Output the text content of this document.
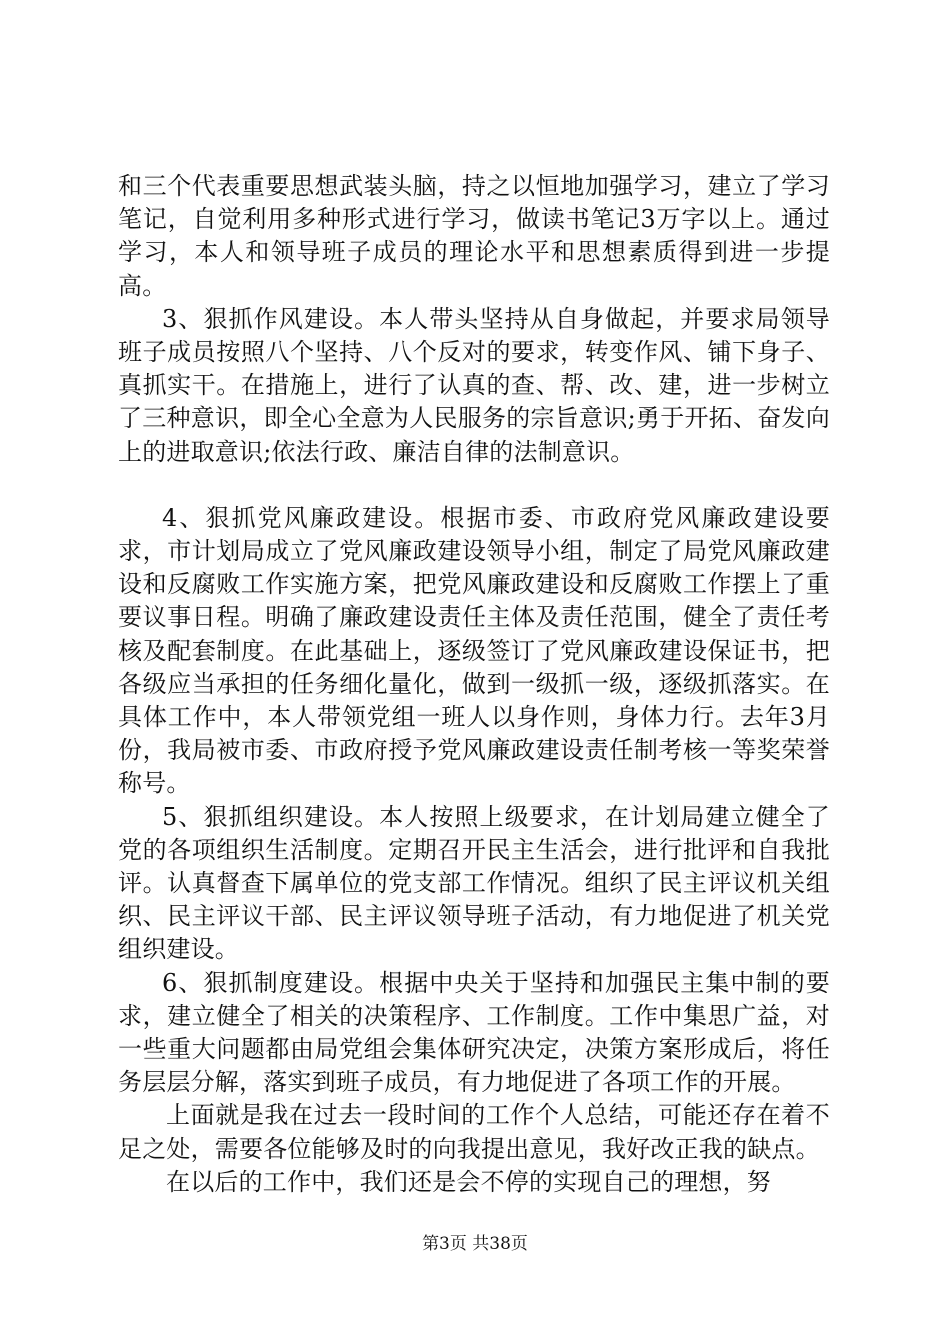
和三个代表重要思想武装头脑，持之以恒地加强学习，建立了学习笔记，自觉利用多种形式进行学习，做读书笔记3万字以上。通过学习，本人和领导班子成员的理论水平和思想素质得到进一步提高。

3、狠抓作风建设。本人带头坚持从自身做起，并要求局领导班子成员按照八个坚持、八个反对的要求，转变作风、铺下身子、真抓实干。在措施上，进行了认真的查、帮、改、建，进一步树立了三种意识，即全心全意为人民服务的宗旨意识;勇于开拓、奋发向上的进取意识;依法行政、廉洁自律的法制意识。

4、狠抓党风廉政建设。根据市委、市政府党风廉政建设要求，市计划局成立了党风廉政建设领导小组，制定了局党风廉政建设和反腐败工作实施方案，把党风廉政建设和反腐败工作摆上了重要议事日程。明确了廉政建设责任主体及责任范围，健全了责任考核及配套制度。在此基础上，逐级签订了党风廉政建设保证书，把各级应当承担的任务细化量化，做到一级抓一级，逐级抓落实。在具体工作中，本人带领党组一班人以身作则，身体力行。去年3月份，我局被市委、市政府授予党风廉政建设责任制考核一等奖荣誉称号。

5、狠抓组织建设。本人按照上级要求，在计划局建立健全了党的各项组织生活制度。定期召开民主生活会，进行批评和自我批评。认真督查下属单位的党支部工作情况。组织了民主评议机关组织、民主评议干部、民主评议领导班子活动，有力地促进了机关党组织建设。

6、狠抓制度建设。根据中央关于坚持和加强民主集中制的要求，建立健全了相关的决策程序、工作制度。工作中集思广益，对一些重大问题都由局党组会集体研究决定，决策方案形成后，将任务层层分解，落实到班子成员，有力地促进了各项工作的开展。

上面就是我在过去一段时间的工作个人总结，可能还存在着不足之处，需要各位能够及时的向我提出意见，我好改正我的缺点。

在以后的工作中，我们还是会不停的实现自己的理想，努

第3页 共38页
